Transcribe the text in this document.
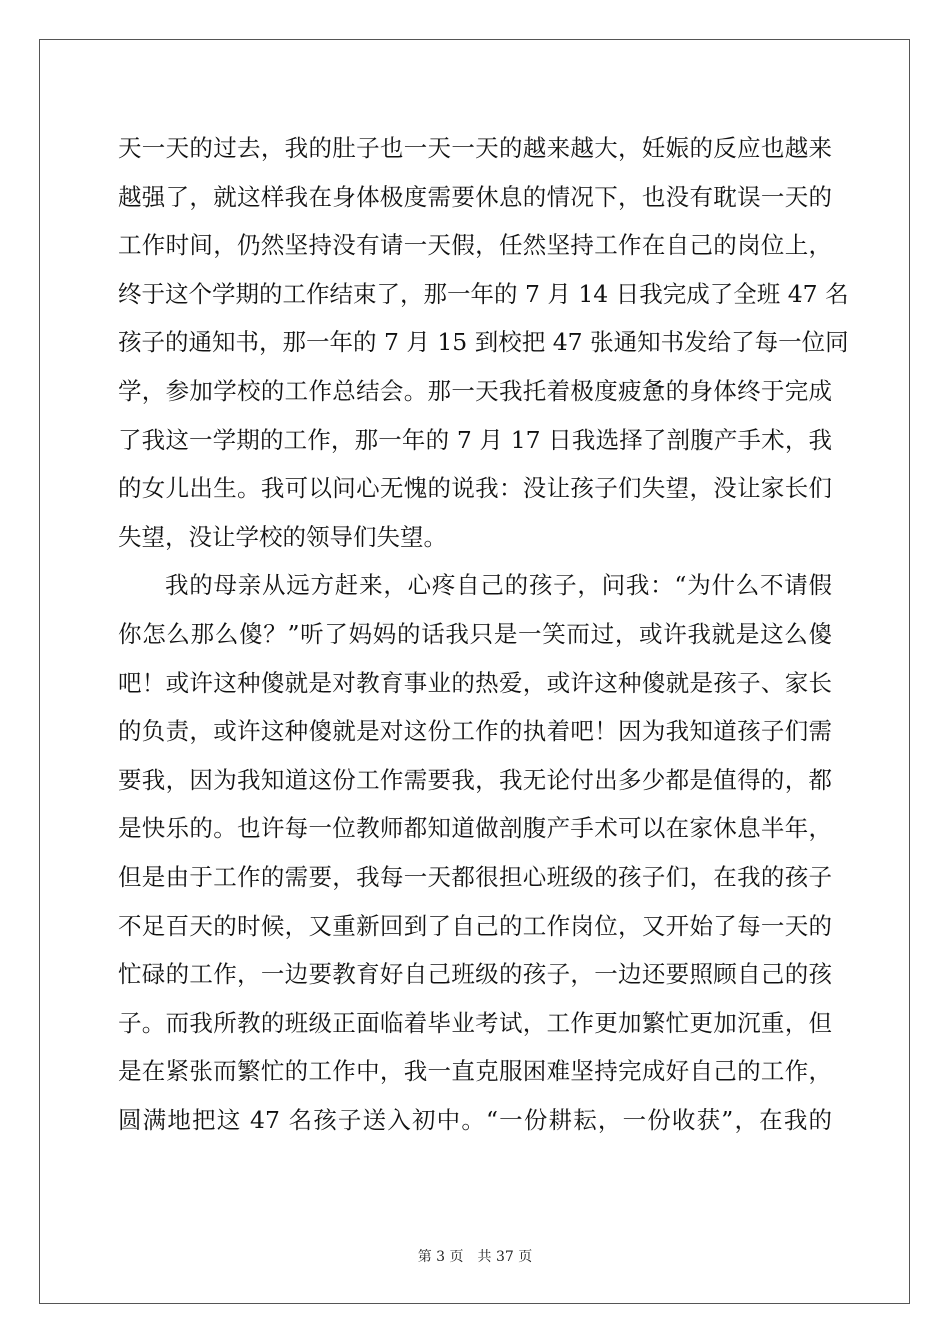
天一天的过去，我的肚子也一天一天的越来越大，妊娠的反应也越来
越强了，就这样我在身体极度需要休息的情况下，也没有耽误一天的
工作时间，仍然坚持没有请一天假，任然坚持工作在自己的岗位上，
终于这个学期的工作结束了，那一年的 7 月 14 日我完成了全班 47 名
孩子的通知书，那一年的 7 月 15 到校把 47 张通知书发给了每一位同
学，参加学校的工作总结会。那一天我托着极度疲惫的身体终于完成
了我这一学期的工作，那一年的 7 月 17 日我选择了剖腹产手术，我
的女儿出生。我可以问心无愧的说我：没让孩子们失望，没让家长们
失望，没让学校的领导们失望。
我的母亲从远方赶来，心疼自己的孩子，问我：“为什么不请假
你怎么那么傻？”听了妈妈的话我只是一笑而过，或许我就是这么傻
吧！或许这种傻就是对教育事业的热爱，或许这种傻就是孩子、家长
的负责，或许这种傻就是对这份工作的执着吧！因为我知道孩子们需
要我，因为我知道这份工作需要我，我无论付出多少都是值得的，都
是快乐的。也许每一位教师都知道做剖腹产手术可以在家休息半年，
但是由于工作的需要，我每一天都很担心班级的孩子们，在我的孩子
不足百天的时候，又重新回到了自己的工作岗位，又开始了每一天的
忙碌的工作，一边要教育好自己班级的孩子，一边还要照顾自己的孩
子。而我所教的班级正面临着毕业考试，工作更加繁忙更加沉重，但
是在紧张而繁忙的工作中，我一直克服困难坚持完成好自己的工作，
圆满地把这 47 名孩子送入初中。“一份耕耘，一份收获”，在我的
第 3 页 共 37 页
